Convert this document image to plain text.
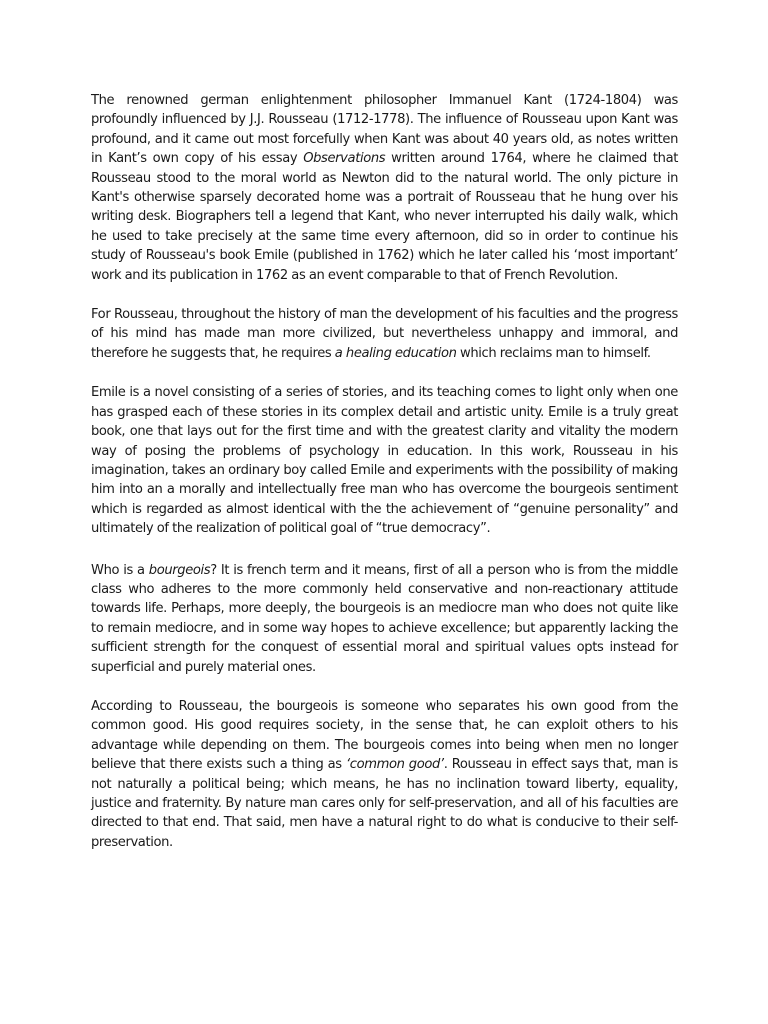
The renowned german enlightenment philosopher Immanuel Kant (1724-1804) was profoundly influenced by J.J. Rousseau (1712-1778). The influence of Rousseau upon Kant was profound, and it came out most forcefully when Kant was about 40 years old, as notes written in Kant’s own copy of his essay Observations written around 1764, where he claimed that Rousseau stood to the moral world as Newton did to the natural world. The only picture in Kant's otherwise sparsely decorated home was a portrait of Rousseau that he hung over his writing desk. Biographers tell a legend that Kant, who never interrupted his daily walk, which he used to take precisely at the same time every afternoon, did so in order to continue his study of Rousseau's book Emile (published in 1762) which he later called his ‘most important’ work and its publication in 1762 as an event comparable to that of French Revolution.

For Rousseau, throughout the history of man the development of his faculties and the progress of his mind has made man more civilized, but nevertheless unhappy and immoral, and therefore he suggests that, he requires a healing education which reclaims man to himself.

Emile is a novel consisting of a series of stories, and its teaching comes to light only when one has grasped each of these stories in its complex detail and artistic unity. Emile is a truly great book, one that lays out for the first time and with the greatest clarity and vitality the modern way of posing the problems of psychology in education. In this work, Rousseau in his imagination, takes an ordinary boy called Emile and experiments with the possibility of making him into an a morally and intellectually free man who has overcome the bourgeois sentiment which is regarded as almost identical with the the achievement of “genuine personality” and ultimately of the realization of political goal of “true democracy”.

Who is a bourgeois? It is french term and it means, first of all a person who is from the middle class who adheres to the more commonly held conservative and non-reactionary attitude towards life. Perhaps, more deeply, the bourgeois is an mediocre man who does not quite like to remain mediocre, and in some way hopes to achieve excellence; but apparently lacking the sufficient strength for the conquest of essential moral and spiritual values opts instead for superficial and purely material ones.

According to Rousseau, the bourgeois is someone who separates his own good from the common good. His good requires society, in the sense that, he can exploit others to his advantage while depending on them. The bourgeois comes into being when men no longer believe that there exists such a thing as ‘common good’. Rousseau in effect says that, man is not naturally a political being; which means, he has no inclination toward liberty, equality, justice and fraternity. By nature man cares only for self-preservation, and all of his faculties are directed to that end. That said, men have a natural right to do what is conducive to their self-preservation.
